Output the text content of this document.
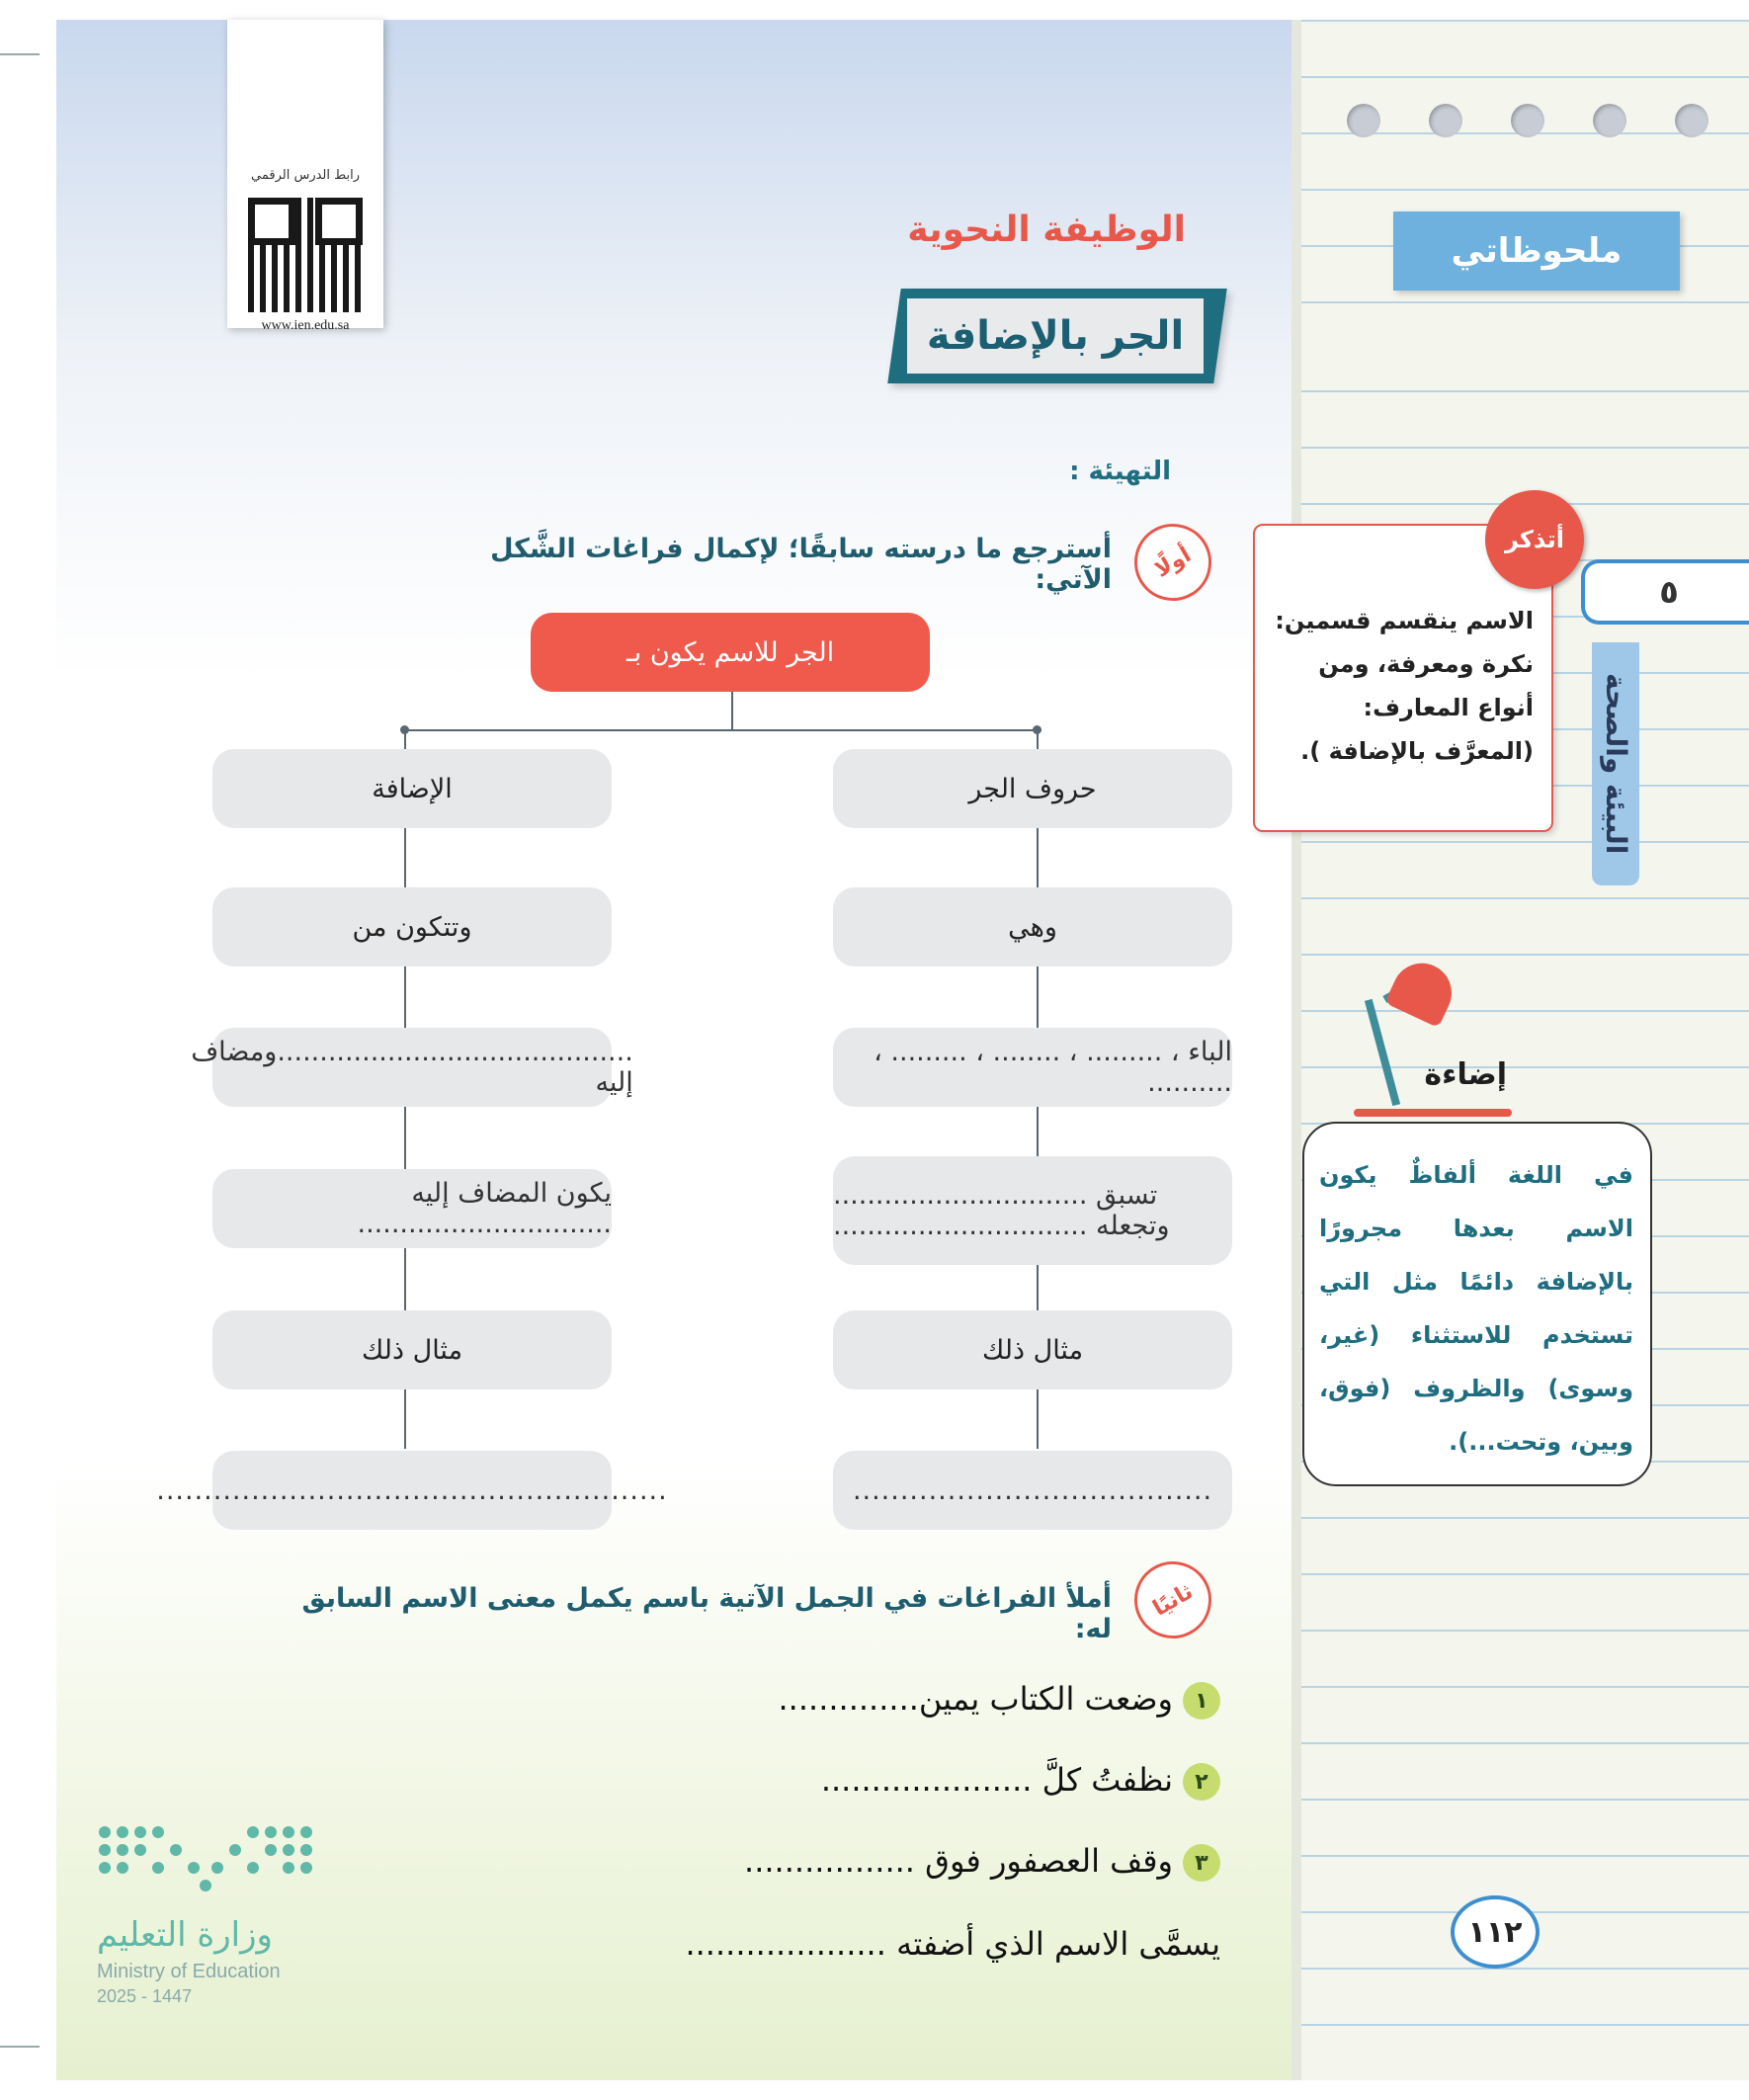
ملحوظاتي
٥
البيئة والصحة
رابط الدرس الرقمي
www.ien.edu.sa
الوظيفة النحوية
الجر بالإضافة
التهيئة :
أولًا
أسترجع ما درسته سابقًا؛ لإكمال فراغات الشَّكل الآتي:
الجر للاسم يكون بـ
حروف الجر
وهي
الباء ، ......... ، ........ ، ......... ، ..........
تسبق ..............................
وتجعله ..............................
مثال ذلك
......................................
الإضافة
وتتكون من
..........................................ومضاف إليه
يكون المضاف إليه ..............................
مثال ذلك
......................................................
ثانيًا
أملأ الفراغات في الجمل الآتية باسم يكمل معنى الاسم السابق له:
١وضعت الكتاب يمين..............
٢نظفتُ كلَّ .....................
٣وقف العصفور فوق .................
يسمَّى الاسم الذي أضفته ....................
أتذكر
الاسم ينقسم قسمين: نكرة ومعرفة، ومن أنواع المعارف: (المعرَّف بالإضافة ).
إضاءة
في اللغة ألفاظٌ يكون الاسم بعدها مجرورًا بالإضافة دائمًا مثل التي تستخدم للاستثناء (غير، وسوى) والظروف (فوق، وبين، وتحت...).
١١٢
وزارة التعليم
Ministry of Education
2025 - 1447
